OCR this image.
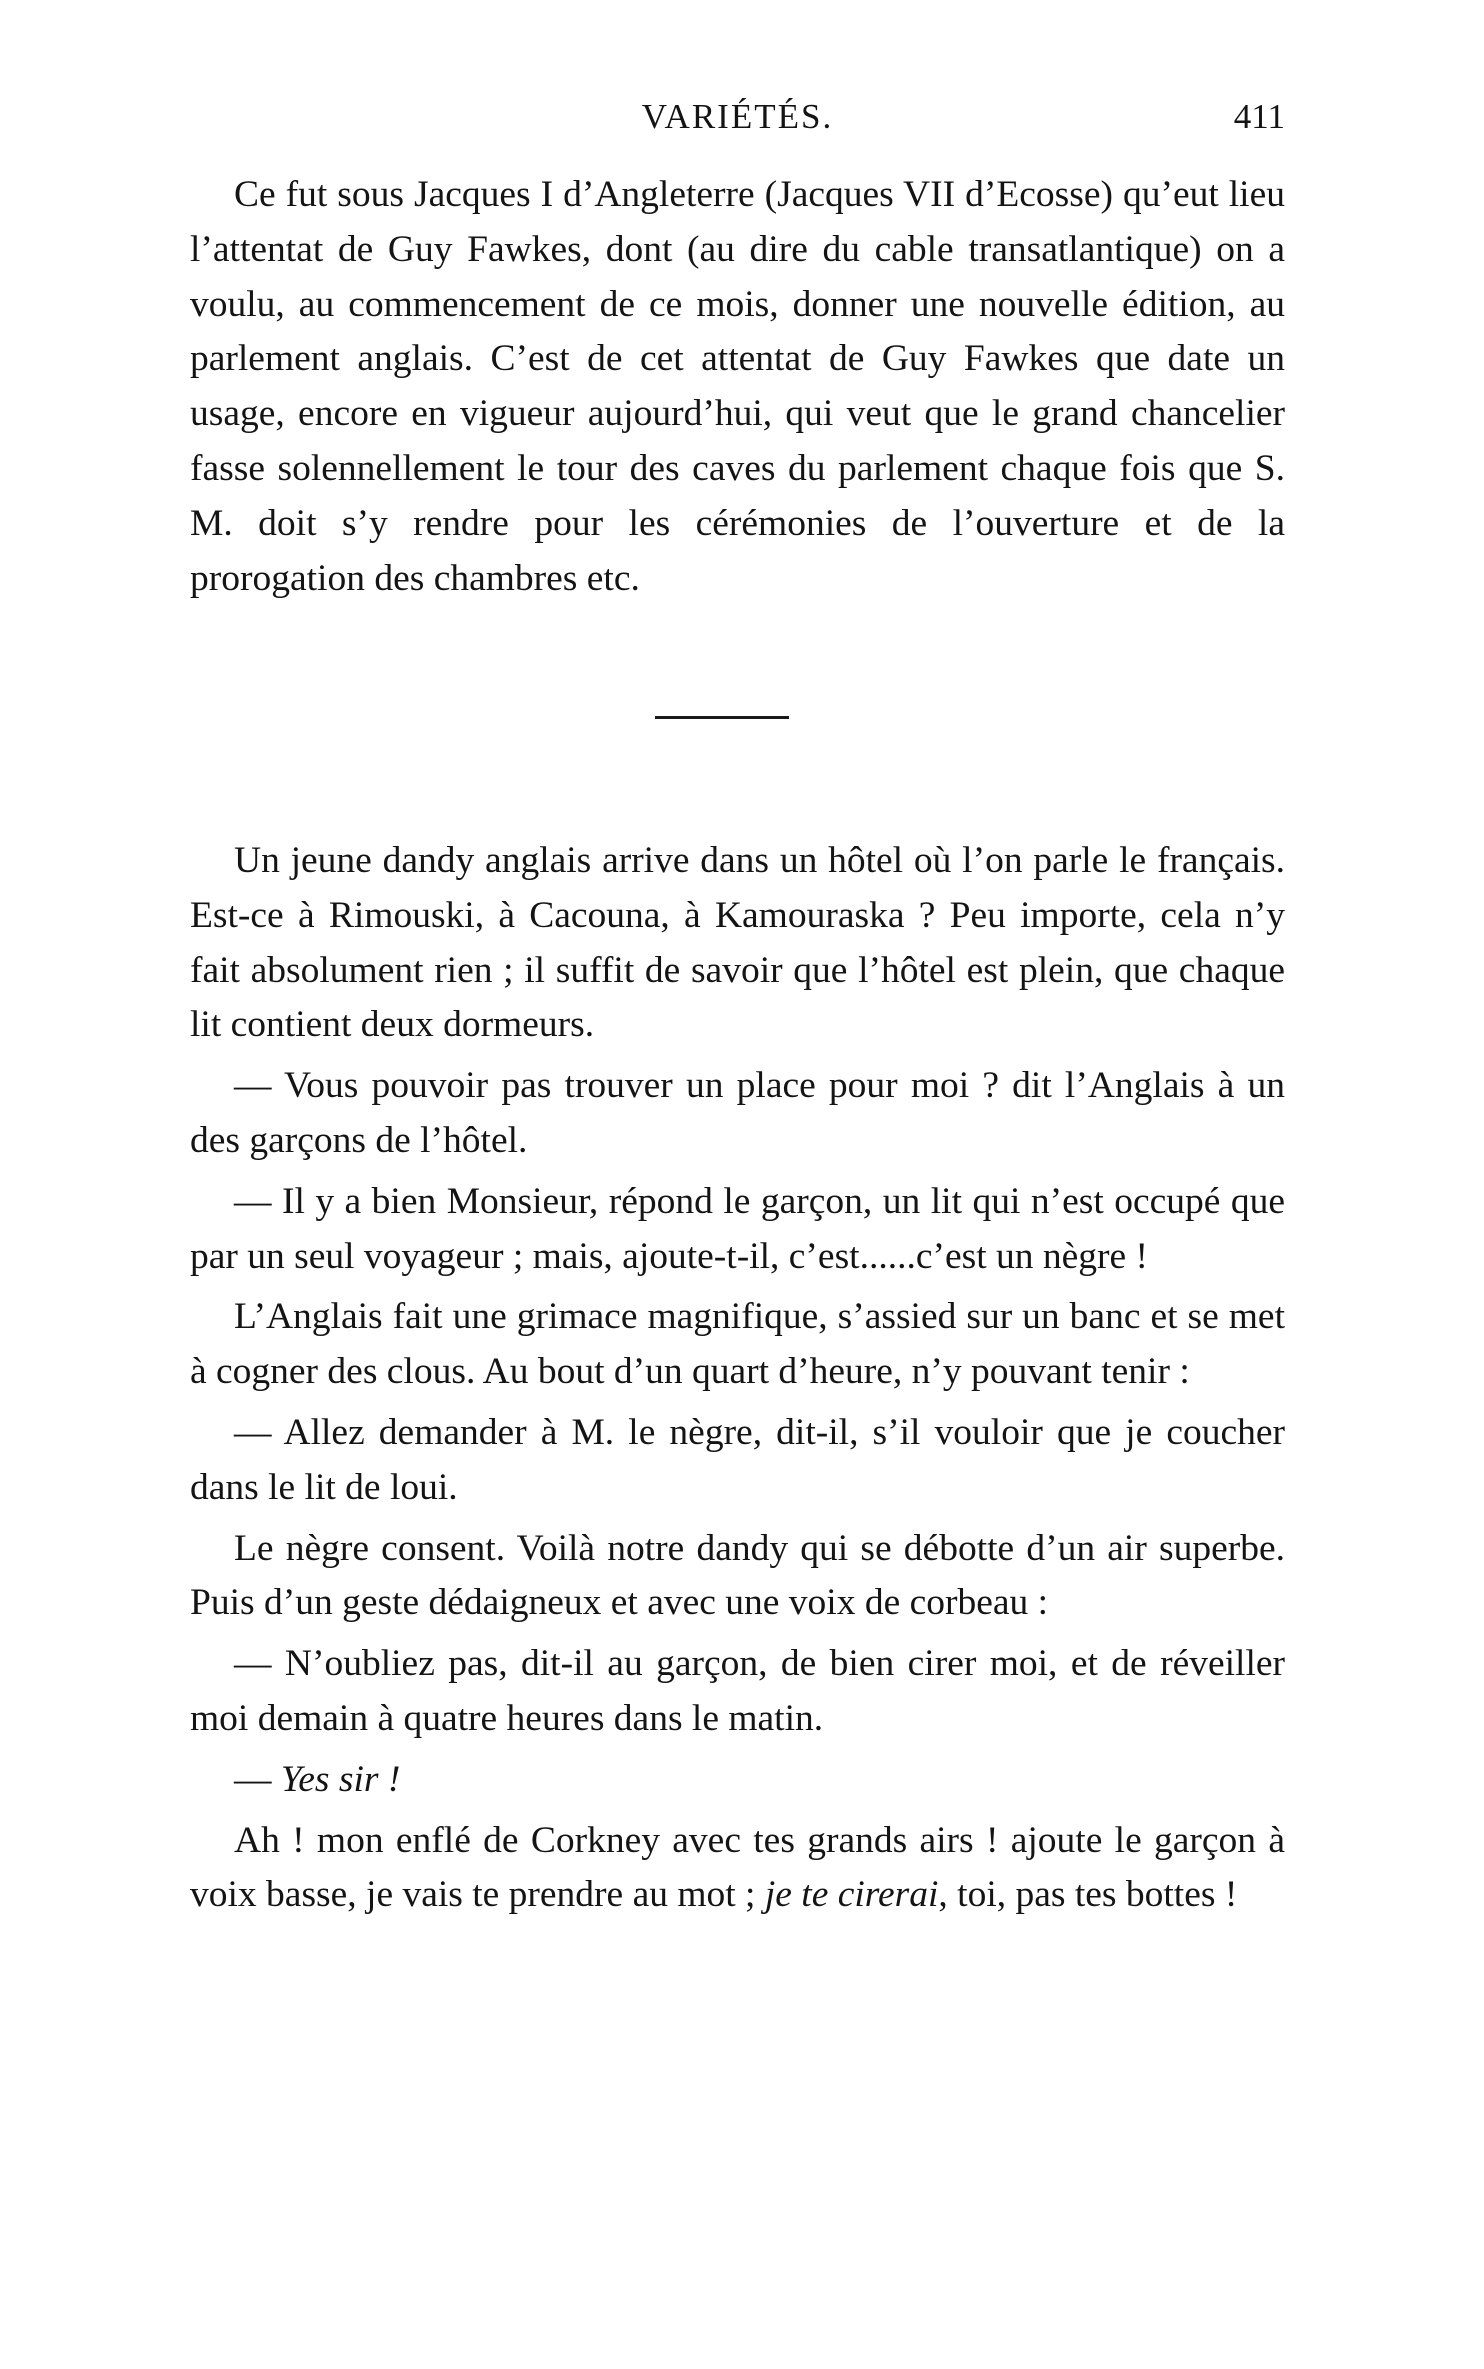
VARIÉTÉS.	411

Ce fut sous Jacques I d’Angleterre (Jacques VII d’Ecosse) qu’eut lieu l’attentat de Guy Fawkes, dont (au dire du cable transatlantique) on a voulu, au commencement de ce mois, donner une nouvelle édition, au parlement anglais. C’est de cet attentat de Guy Fawkes que date un usage, encore en vigueur aujourd’hui, qui veut que le grand chancelier fasse solennellement le tour des caves du parlement chaque fois que S. M. doit s’y rendre pour les cérémonies de l’ouverture et de la prorogation des chambres etc.

Un jeune dandy anglais arrive dans un hôtel où l’on parle le français. Est-ce à Rimouski, à Cacouna, à Kamouraska ? Peu importe, cela n’y fait absolument rien ; il suffit de savoir que l’hôtel est plein, que chaque lit contient deux dormeurs.

— Vous pouvoir pas trouver un place pour moi ? dit l’Anglais à un des garçons de l’hôtel.

— Il y a bien Monsieur, répond le garçon, un lit qui n’est occupé que par un seul voyageur ; mais, ajoute-t-il, c’est......c’est un nègre !

L’Anglais fait une grimace magnifique, s’assied sur un banc et se met à cogner des clous. Au bout d’un quart d’heure, n’y pouvant tenir :

— Allez demander à M. le nègre, dit-il, s’il vouloir que je coucher dans le lit de loui.

Le nègre consent. Voilà notre dandy qui se débotte d’un air superbe. Puis d’un geste dédaigneux et avec une voix de corbeau :

— N’oubliez pas, dit-il au garçon, de bien cirer moi, et de réveiller moi demain à quatre heures dans le matin.

— Yes sir !

Ah ! mon enflé de Corkney avec tes grands airs ! ajoute le garçon à voix basse, je vais te prendre au mot ; je te cirerai, toi, pas tes bottes !
